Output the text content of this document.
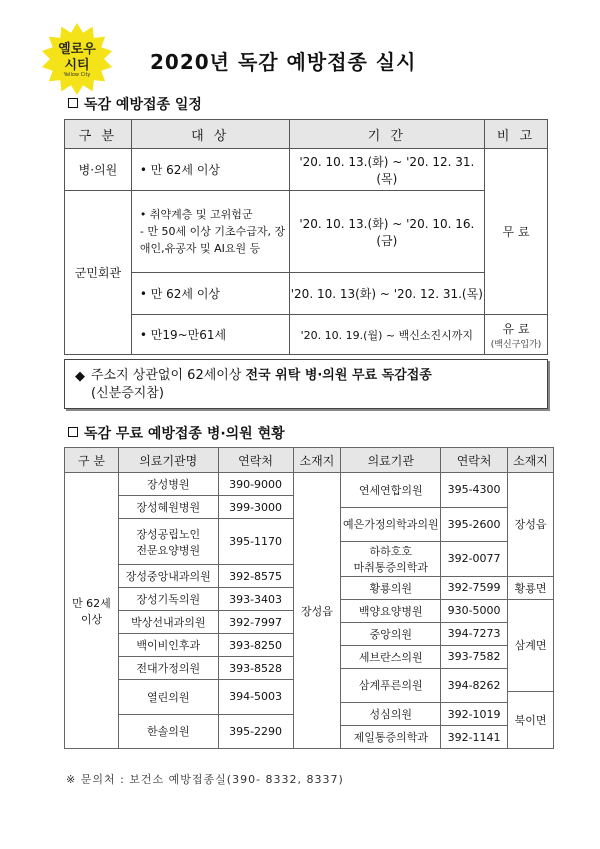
옐로우
시티
Yellow City
2020년 독감 예방접종 실시
독감 예방접종 일정
구 분	대 상	기 간	비 고
병·의원	• 만 62세 이상	'20. 10. 13.(화) ~ '20. 12. 31.(목)	무 료
군민회관	• 취약계층 및 고위험군
- 만 50세 이상 기초수급자, 장애인,유공자 및 AI요원 등	'20. 10. 13.(화) ~ '20. 10. 16.(금)	
	• 만 62세 이상	'20. 10. 13(화) ~ '20. 12. 31.(목)	
	• 만19~만61세	'20. 10. 19.(월) ~ 백신소진시까지	유 료
(백신구입가)
◆ 주소지 상관없이 62세이상 전국 위탁 병·의원 무료 독감접종
(신분증지참)
독감 무료 예방접종 병·의원 현황
구 분	의료기관명	연락처	소재지	의료기관	연락처	소재지
만 62세
이상	장성병원	390-9000	장성읍	연세연합의원	395-4300	장성읍

	장성혜원병원	399-3000				
				예은가정의학과의원	395-2600	
	장성공립노인
전문요양병원	395-1170				

				하하호호
마취통증의학과	392-0077	

	장성중앙내과의원	392-8575				
				황룡의원	392-7599	황룡면
	장성기독의원	393-3403				
				백양요양병원	930-5000	삼계면
	박상선내과의원	392-7997				
				중앙의원	394-7273	
	백이비인후과	393-8250				
				세브란스의원	393-7582	
	전대가정의원	393-8528				
				삼계푸른의원	394-8262	
	열린의원	394-5003				
						북이면
				성심의원	392-1019	
	한솔의원	395-2290				
				제일통증의학과	392-1141	

※ 문의처 : 보건소 예방접종실(390- 8332, 8337)
